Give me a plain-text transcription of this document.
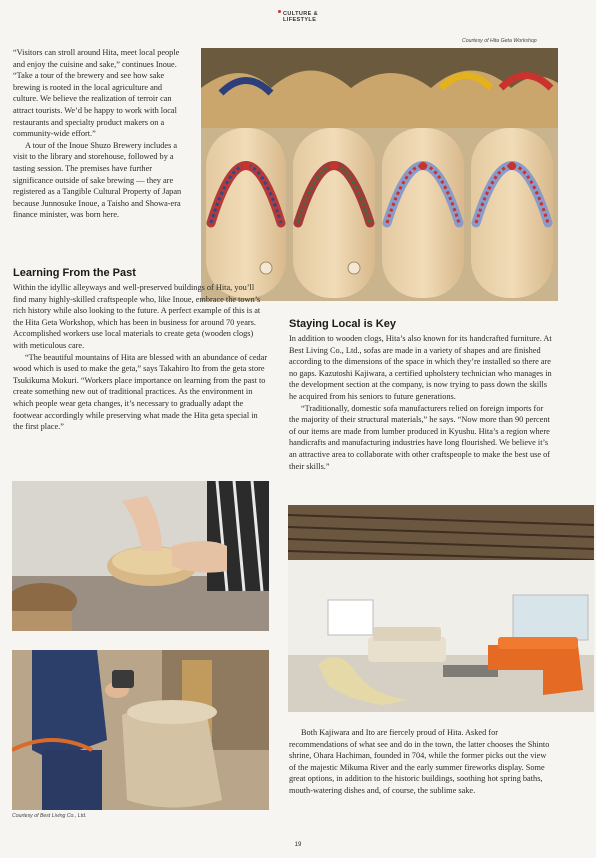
CULTURE &
LIFESTYLE
Courtesy of Hita Geta Workshop

“Visitors can stroll around Hita, meet local people and enjoy the cuisine and sake,” continues Inoue. “Take a tour of the brewery and see how sake brewing is rooted in the local agriculture and culture. We believe the realization of terroir can attract tourists. We’d be happy to work with local restaurants and specialty product makers on a community-wide effort.”

A tour of the Inoue Shuzo Brewery includes a visit to the library and storehouse, followed by a tasting session. The premises have further significance outside of sake brewing — they are registered as a Tangible Cultural Property of Japan because Junnosuke Inoue, a Taisho and Showa-era finance minister, was born here.

Learning From the Past

Within the idyllic alleyways and well-preserved buildings of Hita, you’ll find many highly-skilled craftspeople who, like Inoue, embrace the town’s rich history while also looking to the future. A perfect example of this is at the Hita Geta Workshop, which has been in business for around 70 years. Accomplished workers use local materials to create geta (wooden clogs) with meticulous care.

“The beautiful mountains of Hita are blessed with an abundance of cedar wood which is used to make the geta,” says Takahiro Ito from the geta store Tsukikuma Mokuri. “Workers place importance on learning from the past to create something new out of traditional practices. As the environment in which people wear geta changes, it’s necessary to gradually adapt the footwear accordingly while preserving what made the Hita geta special in the first place.”

Staying Local is Key

In addition to wooden clogs, Hita’s also known for its handcrafted furniture. At Best Living Co., Ltd., sofas are made in a variety of shapes and are finished according to the dimensions of the space in which they’re installed so there are no gaps. Kazutoshi Kajiwara, a certified upholstery technician who manages in the development section at the company, is now trying to pass down the skills he acquired from his seniors to future generations.

“Traditionally, domestic sofa manufacturers relied on foreign imports for the majority of their structural materials,” he says. “Now more than 90 percent of our items are made from lumber produced in Kyushu. Hita’s a region where handicrafts and manufacturing industries have long flourished. We believe it’s an attractive area to collaborate with other craftspeople to make the best use of their skills.”

Courtesy of Best Living Co., Ltd.

Both Kajiwara and Ito are fiercely proud of Hita. Asked for recommendations of what see and do in the town, the latter chooses the Shinto shrine, Ohara Hachiman, founded in 704, while the former picks out the view of the majestic Mikuma River and the early summer fireworks display. Some great options, in addition to the historic buildings, soothing hot spring baths, mouth-watering dishes and, of course, the sublime sake.

19
